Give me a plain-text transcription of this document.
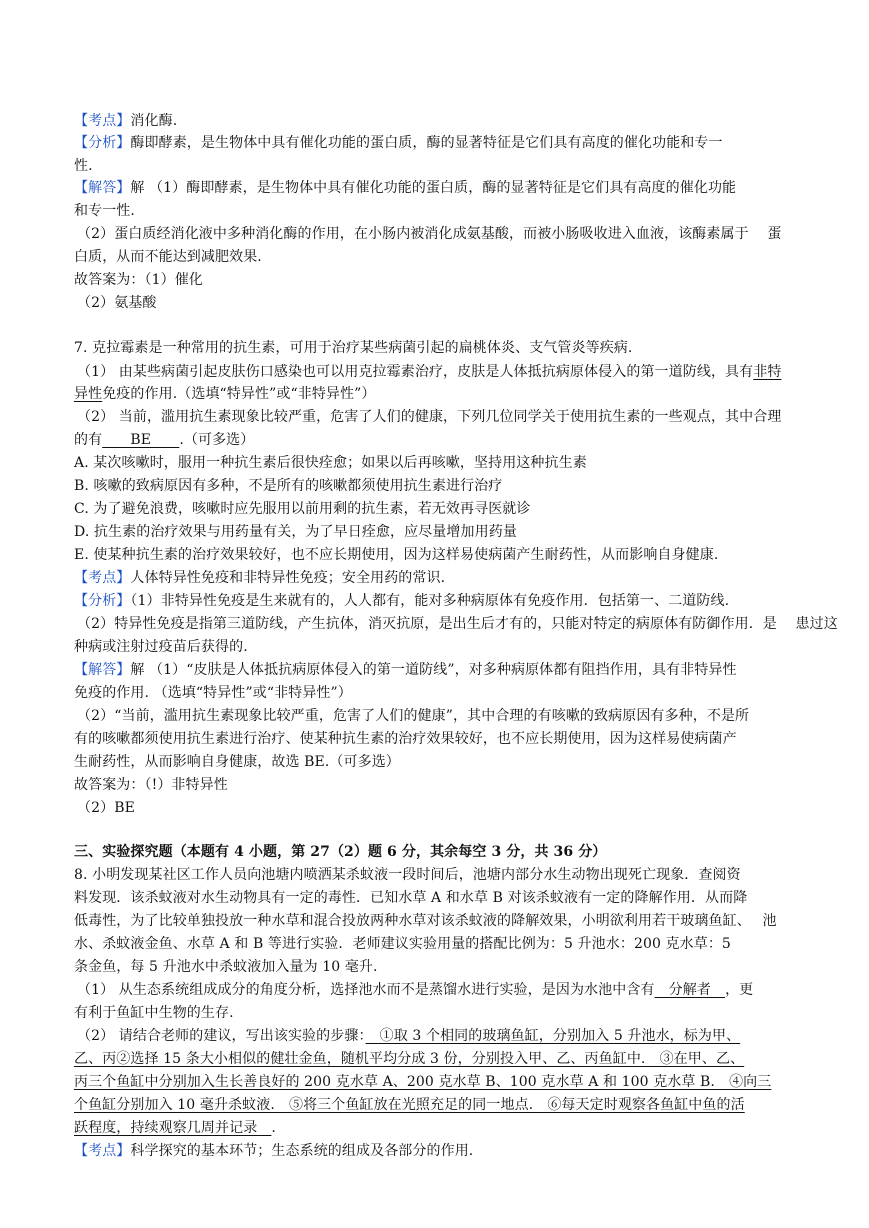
【考点】消化酶.
【分析】酶即酵素，是生物体中具有催化功能的蛋白质，酶的显著特征是它们具有高度的催化功能和专一
性.
【解答】解 （1）酶即酵素，是生物体中具有催化功能的蛋白质，酶的显著特征是它们具有高度的催化功能
和专一性.
（2）蛋白质经消化液中多种消化酶的作用，在小肠内被消化成氨基酸，而被小肠吸收进入血液，该酶素属于　 蛋
白质，从而不能达到减肥效果.
故答案为：（1）催化
（2）氨基酸
7. 克拉霉素是一种常用的抗生素，可用于治疗某些病菌引起的扁桃体炎、支气管炎等疾病.
（1） 由某些病菌引起皮肤伤口感染也可以用克拉霉素治疗，皮肤是人体抵抗病原体侵入的第一道防线，具有非特
异性免疫的作用.（选填“特异性”或“非特异性”）
（2） 当前，滥用抗生素现象比较严重，危害了人们的健康，下列几位同学关于使用抗生素的一些观点，其中合理
的有　　BE　　.（可多选）
A. 某次咳嗽时，服用一种抗生素后很快痊愈；如果以后再咳嗽，坚持用这种抗生素
B. 咳嗽的致病原因有多种，不是所有的咳嗽都须使用抗生素进行治疗
C. 为了避免浪费，咳嗽时应先服用以前用剩的抗生素，若无效再寻医就诊
D. 抗生素的治疗效果与用药量有关，为了早日痊愈，应尽量增加用药量
E. 使某种抗生素的治疗效果较好，也不应长期使用，因为这样易使病菌产生耐药性，从而影响自身健康.
【考点】人体特异性免疫和非特异性免疫；安全用药的常识.
【分析】（1）非特异性免疫是生来就有的，人人都有，能对多种病原体有免疫作用．包括第一、二道防线.
（2）特异性免疫是指第三道防线，产生抗体，消灭抗原，是出生后才有的，只能对特定的病原体有防御作用．是　 患过这
种病或注射过疫苗后获得的.
【解答】解 （1）“皮肤是人体抵抗病原体侵入的第一道防线”，对多种病原体都有阻挡作用，具有非特异性
免疫的作用. （选填“特异性”或“非特异性”）
（2）“当前，滥用抗生素现象比较严重，危害了人们的健康”，其中合理的有咳嗽的致病原因有多种，不是所
有的咳嗽都须使用抗生素进行治疗、使某种抗生素的治疗效果较好，也不应长期使用，因为这样易使病菌产
生耐药性，从而影响自身健康，故选 BE.（可多选）
故答案为：（!）非特异性
（2）BE
三、实验探究题（本题有 4 小题，第 27（2）题 6 分，其余每空 3 分，共 36 分）
8. 小明发现某社区工作人员向池塘内喷洒某杀蚊液一段时间后，池塘内部分水生动物出现死亡现象．查阅资
料发现．该杀蚊液对水生动物具有一定的毒性．已知水草 A 和水草 B 对该杀蚊液有一定的降解作用．从而降
低毒性，为了比较单独投放一种水草和混合投放两种水草对该杀蚊液的降解效果，小明欲利用若干玻璃鱼缸、　 池
水、杀蚊液金鱼、水草 A 和 B 等进行实验．老师建议实验用量的搭配比例为：5 升池水：200 克水草：5
条金鱼，每 5 升池水中杀蚊液加入量为 10 毫升.
（1） 从生态系统组成成分的角度分析，选择池水而不是蒸馏水进行实验，是因为水池中含有　分解者　，更
有利于鱼缸中生物的生存.
（2） 请结合老师的建议，写出该实验的步骤：　①取 3 个相同的玻璃鱼缸，分别加入 5 升池水，标为甲、
乙、丙②选择 15 条大小相似的健壮金鱼，随机平均分成 3 份，分别投入甲、乙、丙鱼缸中.　③在甲、乙、
丙三个鱼缸中分别加入生长善良好的 200 克水草 A、200 克水草 B、100 克水草 A 和 100 克水草 B.　④向三
个鱼缸分别加入 10 毫升杀蚊液.　⑤将三个鱼缸放在光照充足的同一地点.　⑥每天定时观察各鱼缸中鱼的活
跃程度，持续观察几周并记录　.
【考点】科学探究的基本环节；生态系统的组成及各部分的作用.
